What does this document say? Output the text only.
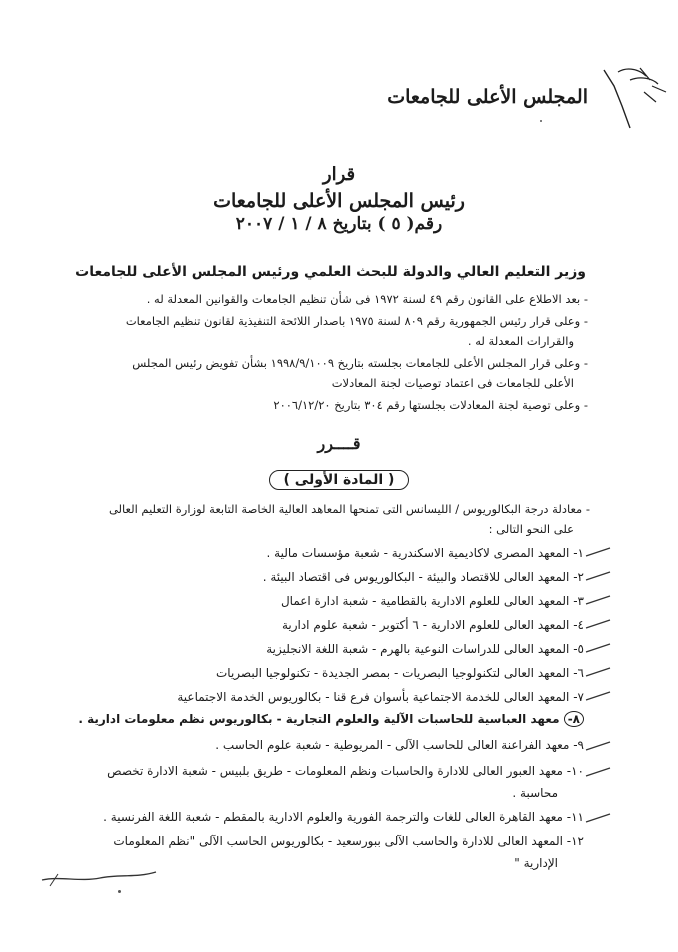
المجلس الأعلى للجامعات
قرار
رئيس المجلس الأعلى للجامعات
رقم( ٥ ) بتاريخ ٨ / ١ / ٢٠٠٧
وزير التعليم العالي والدولة للبحث العلمي ورئيس المجلس الأعلى للجامعات
- بعد الاطلاع على القانون رقم ٤٩ لسنة ١٩٧٢ فى شأن تنظيم الجامعات والقوانين المعدلة له .
- وعلى قرار رئيس الجمهورية رقم ٨٠٩ لسنة ١٩٧٥ باصدار اللائحة التنفيذية لقانون تنظيم الجامعات
والقرارات المعدلة له .
- وعلى قرار المجلس الأعلى للجامعات بجلسته بتاريخ ١٩٩٨/٩/١٠٠٩ بشأن تفويض رئيس المجلس
الأعلى للجامعات فى اعتماد توصيات لجنة المعادلات
- وعلى توصية لجنة المعادلات بجلستها رقم ٣٠٤ بتاريخ ٢٠٠٦/١٢/٢٠
قــــرر
( المادة الأولى )
- معادلة درجة البكالوريوس / الليسانس التى تمنحها المعاهد العالية الخاصة التابعة لوزارة التعليم العالى
على النحو التالى :
١- المعهد المصرى لاكاديمية الاسكندرية - شعبة مؤسسات مالية .
٢- المعهد العالى للاقتصاد والبيئة - البكالوريوس فى اقتصاد البيئة .
٣- المعهد العالى للعلوم الادارية بالقطامية - شعبة ادارة اعمال
٤- المعهد العالى للعلوم الادارية - ٦ أكتوبر - شعبة علوم ادارية
٥- المعهد العالى للدراسات النوعية بالهرم - شعبة اللغة الانجليزية
٦- المعهد العالى لتكنولوجيا البصريات - بمصر الجديدة - تكنولوجيا البصريات
٧- المعهد العالى للخدمة الاجتماعية بأسوان فرع قنا - بكالوريوس الخدمة الاجتماعية
٨- معهد العباسية للحاسبات الآلية والعلوم التجارية - بكالوريوس نظم معلومات ادارية .
٩- معهد الفراعنة العالى للحاسب الآلى - المريوطية - شعبة علوم الحاسب .
١٠- معهد العبور العالى للادارة والحاسبات ونظم المعلومات - طريق بلبيس - شعبة الادارة تخصص
محاسبة .
١١- معهد القاهرة العالى للغات والترجمة الفورية والعلوم الادارية بالمقطم - شعبة اللغة الفرنسية .
١٢- المعهد العالى للادارة والحاسب الآلى ببورسعيد - بكالوريوس الحاسب الآلى "نظم المعلومات
الإدارية "
